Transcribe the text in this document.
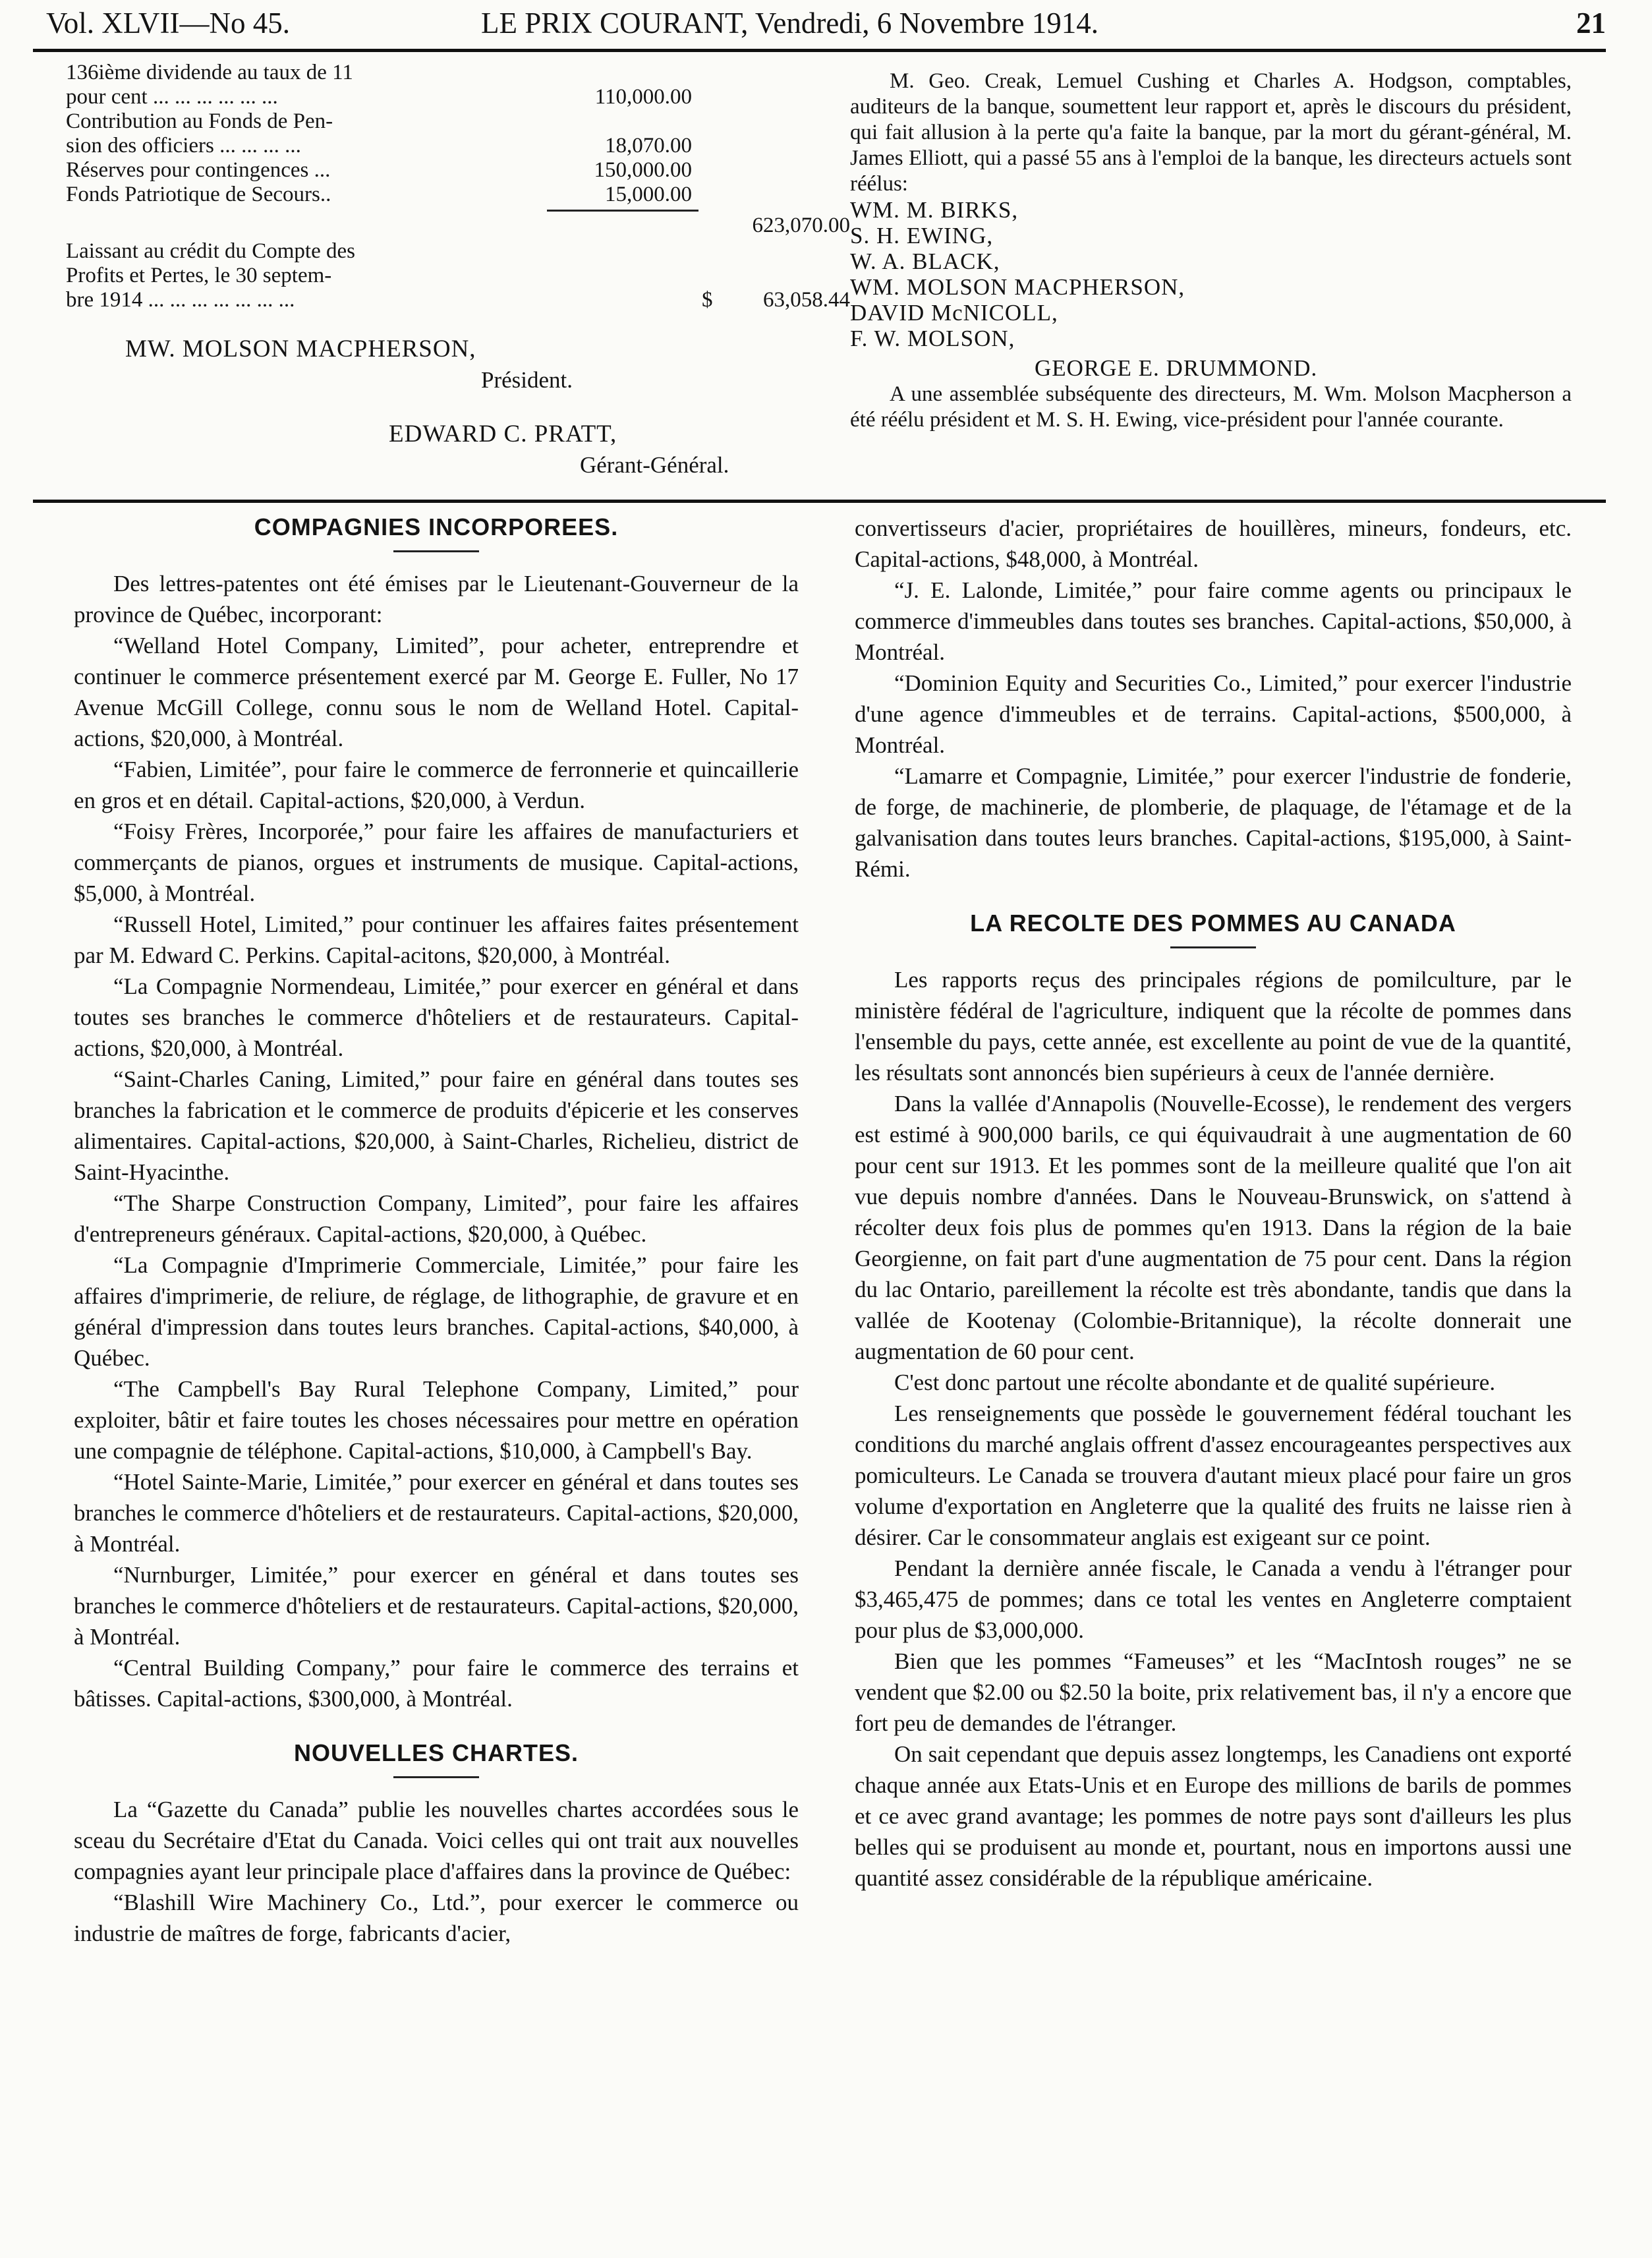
Vol. XLVII—No 45.	LE PRIX COURANT, Vendredi, 6 Novembre 1914.	21
136ième dividende au taux de 11
pour cent ... ... ... ... ... ...	110,000.00
Contribution au Fonds de Pen-
sion des officiers ... ... ... ...	18,070.00
Réserves pour contingences ...	150,000.00
Fonds Patriotique de Secours..	15,000.00
623,070.00
Laissant au crédit du Compte des
Profits et Pertes, le 30 septem-
bre 1914 ... ... ... ... ... ... ...	$	63,058.44
MW. MOLSON MACPHERSON,
Président.
EDWARD C. PRATT,
Gérant-Général.

M. Geo. Creak, Lemuel Cushing et Charles A. Hodgson, comptables, auditeurs de la banque, soumettent leur rapport et, après le discours du président, qui fait allusion à la perte qu'a faite la banque, par la mort du gérant-général, M. James Elliott, qui a passé 55 ans à l'emploi de la banque, les directeurs actuels sont réélus:

WM. M. BIRKS,
S. H. EWING,
W. A. BLACK,
WM. MOLSON MACPHERSON,
DAVID McNICOLL,
F. W. MOLSON,
GEORGE E. DRUMMOND.

A une assemblée subséquente des directeurs, M. Wm. Molson Macpherson a été réélu président et M. S. H. Ewing, vice-président pour l'année courante.

COMPAGNIES INCORPOREES.

Des lettres-patentes ont été émises par le Lieutenant-Gouverneur de la province de Québec, incorporant:

“Welland Hotel Company, Limited”, pour acheter, entreprendre et continuer le commerce présentement exercé par M. George E. Fuller, No 17 Avenue McGill College, connu sous le nom de Welland Hotel. Capital-actions, $20,000, à Montréal.

“Fabien, Limitée”, pour faire le commerce de ferronnerie et quincaillerie en gros et en détail. Capital-actions, $20,000, à Verdun.

“Foisy Frères, Incorporée,” pour faire les affaires de manufacturiers et commerçants de pianos, orgues et instruments de musique. Capital-actions, $5,000, à Montréal.

“Russell Hotel, Limited,” pour continuer les affaires faites présentement par M. Edward C. Perkins. Capital-acitons, $20,000, à Montréal.

“La Compagnie Normendeau, Limitée,” pour exercer en général et dans toutes ses branches le commerce d'hôteliers et de restaurateurs. Capital-actions, $20,000, à Montréal.

“Saint-Charles Caning, Limited,” pour faire en général dans toutes ses branches la fabrication et le commerce de produits d'épicerie et les conserves alimentaires. Capital-actions, $20,000, à Saint-Charles, Richelieu, district de Saint-Hyacinthe.

“The Sharpe Construction Company, Limited”, pour faire les affaires d'entrepreneurs généraux. Capital-actions, $20,000, à Québec.

“La Compagnie d'Imprimerie Commerciale, Limitée,” pour faire les affaires d'imprimerie, de reliure, de réglage, de lithographie, de gravure et en général d'impression dans toutes leurs branches. Capital-actions, $40,000, à Québec.

“The Campbell's Bay Rural Telephone Company, Limited,” pour exploiter, bâtir et faire toutes les choses nécessaires pour mettre en opération une compagnie de téléphone. Capital-actions, $10,000, à Campbell's Bay.

“Hotel Sainte-Marie, Limitée,” pour exercer en général et dans toutes ses branches le commerce d'hôteliers et de restaurateurs. Capital-actions, $20,000, à Montréal.

“Nurnburger, Limitée,” pour exercer en général et dans toutes ses branches le commerce d'hôteliers et de restaurateurs. Capital-actions, $20,000, à Montréal.

“Central Building Company,” pour faire le commerce des terrains et bâtisses. Capital-actions, $300,000, à Montréal.

NOUVELLES CHARTES.

La “Gazette du Canada” publie les nouvelles chartes accordées sous le sceau du Secrétaire d'Etat du Canada. Voici celles qui ont trait aux nouvelles compagnies ayant leur principale place d'affaires dans la province de Québec:

“Blashill Wire Machinery Co., Ltd.”, pour exercer le commerce ou industrie de maîtres de forge, fabricants d'acier,

convertisseurs d'acier, propriétaires de houillères, mineurs, fondeurs, etc. Capital-actions, $48,000, à Montréal.

“J. E. Lalonde, Limitée,” pour faire comme agents ou principaux le commerce d'immeubles dans toutes ses branches. Capital-actions, $50,000, à Montréal.

“Dominion Equity and Securities Co., Limited,” pour exercer l'industrie d'une agence d'immeubles et de terrains. Capital-actions, $500,000, à Montréal.

“Lamarre et Compagnie, Limitée,” pour exercer l'industrie de fonderie, de forge, de machinerie, de plomberie, de plaquage, de l'étamage et de la galvanisation dans toutes leurs branches. Capital-actions, $195,000, à Saint-Rémi.

LA RECOLTE DES POMMES AU CANADA

Les rapports reçus des principales régions de pomilculture, par le ministère fédéral de l'agriculture, indiquent que la récolte de pommes dans l'ensemble du pays, cette année, est excellente au point de vue de la quantité, les résultats sont annoncés bien supérieurs à ceux de l'année dernière.

Dans la vallée d'Annapolis (Nouvelle-Ecosse), le rendement des vergers est estimé à 900,000 barils, ce qui équivaudrait à une augmentation de 60 pour cent sur 1913. Et les pommes sont de la meilleure qualité que l'on ait vue depuis nombre d'années. Dans le Nouveau-Brunswick, on s'attend à récolter deux fois plus de pommes qu'en 1913. Dans la région de la baie Georgienne, on fait part d'une augmentation de 75 pour cent. Dans la région du lac Ontario, pareillement la récolte est très abondante, tandis que dans la vallée de Kootenay (Colombie-Britannique), la récolte donnerait une augmentation de 60 pour cent.

C'est donc partout une récolte abondante et de qualité supérieure.

Les renseignements que possède le gouvernement fédéral touchant les conditions du marché anglais offrent d'assez encourageantes perspectives aux pomiculteurs. Le Canada se trouvera d'autant mieux placé pour faire un gros volume d'exportation en Angleterre que la qualité des fruits ne laisse rien à désirer. Car le consommateur anglais est exigeant sur ce point.

Pendant la dernière année fiscale, le Canada a vendu à l'étranger pour $3,465,475 de pommes; dans ce total les ventes en Angleterre comptaient pour plus de $3,000,000.

Bien que les pommes “Fameuses” et les “MacIntosh rouges” ne se vendent que $2.00 ou $2.50 la boite, prix relativement bas, il n'y a encore que fort peu de demandes de l'étranger.

On sait cependant que depuis assez longtemps, les Canadiens ont exporté chaque année aux Etats-Unis et en Europe des millions de barils de pommes et ce avec grand avantage; les pommes de notre pays sont d'ailleurs les plus belles qui se produisent au monde et, pourtant, nous en importons aussi une quantité assez considérable de la république américaine.
